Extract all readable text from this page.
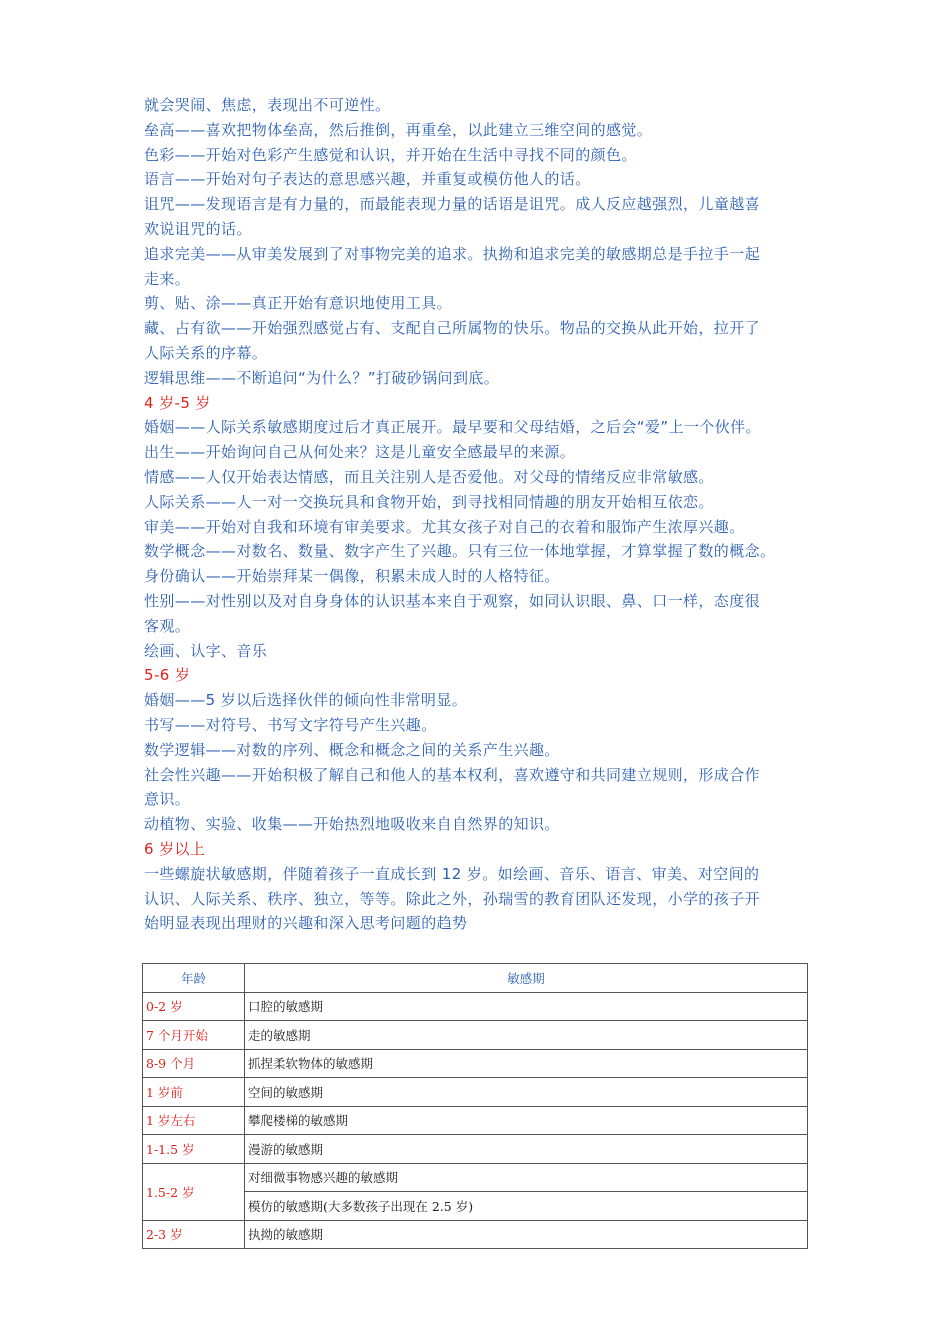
就会哭闹、焦虑，表现出不可逆性。
垒高——喜欢把物体垒高，然后推倒，再重垒，以此建立三维空间的感觉。
色彩——开始对色彩产生感觉和认识，并开始在生活中寻找不同的颜色。
语言——开始对句子表达的意思感兴趣，并重复或模仿他人的话。
诅咒——发现语言是有力量的，而最能表现力量的话语是诅咒。成人反应越强烈，儿童越喜
欢说诅咒的话。
追求完美——从审美发展到了对事物完美的追求。执拗和追求完美的敏感期总是手拉手一起
走来。
剪、贴、涂——真正开始有意识地使用工具。
藏、占有欲——开始强烈感觉占有、支配自己所属物的快乐。物品的交换从此开始，拉开了
人际关系的序幕。
逻辑思维——不断追问“为什么？”打破砂锅问到底。
4 岁-5 岁
婚姻——人际关系敏感期度过后才真正展开。最早要和父母结婚，之后会“爱”上一个伙伴。
出生——开始询问自己从何处来？这是儿童安全感最早的来源。
情感——人仅开始表达情感，而且关注别人是否爱他。对父母的情绪反应非常敏感。
人际关系——人一对一交换玩具和食物开始，到寻找相同情趣的朋友开始相互依恋。
审美——开始对自我和环境有审美要求。尤其女孩子对自己的衣着和服饰产生浓厚兴趣。
数学概念——对数名、数量、数字产生了兴趣。只有三位一体地掌握，才算掌握了数的概念。
身份确认——开始崇拜某一偶像，积累未成人时的人格特征。
性别——对性别以及对自身身体的认识基本来自于观察，如同认识眼、鼻、口一样，态度很
客观。
绘画、认字、音乐
5-6 岁
婚姻——5 岁以后选择伙伴的倾向性非常明显。
书写——对符号、书写文字符号产生兴趣。
数学逻辑——对数的序列、概念和概念之间的关系产生兴趣。
社会性兴趣——开始积极了解自己和他人的基本权利，喜欢遵守和共同建立规则，形成合作
意识。
动植物、实验、收集——开始热烈地吸收来自自然界的知识。
6 岁以上
一些螺旋状敏感期，伴随着孩子一直成长到 12 岁。如绘画、音乐、语言、审美、对空间的
认识、人际关系、秩序、独立，等等。除此之外，孙瑞雪的教育团队还发现，小学的孩子开
始明显表现出理财的兴趣和深入思考问题的趋势
年龄	敏感期
0-2 岁	口腔的敏感期
7 个月开始	走的敏感期
8-9 个月	抓捏柔软物体的敏感期
1 岁前	空间的敏感期
1 岁左右	攀爬楼梯的敏感期
1-1.5 岁	漫游的敏感期
1.5-2 岁	对细微事物感兴趣的敏感期
	模仿的敏感期(大多数孩子出现在 2.5 岁)
2-3 岁	执拗的敏感期
